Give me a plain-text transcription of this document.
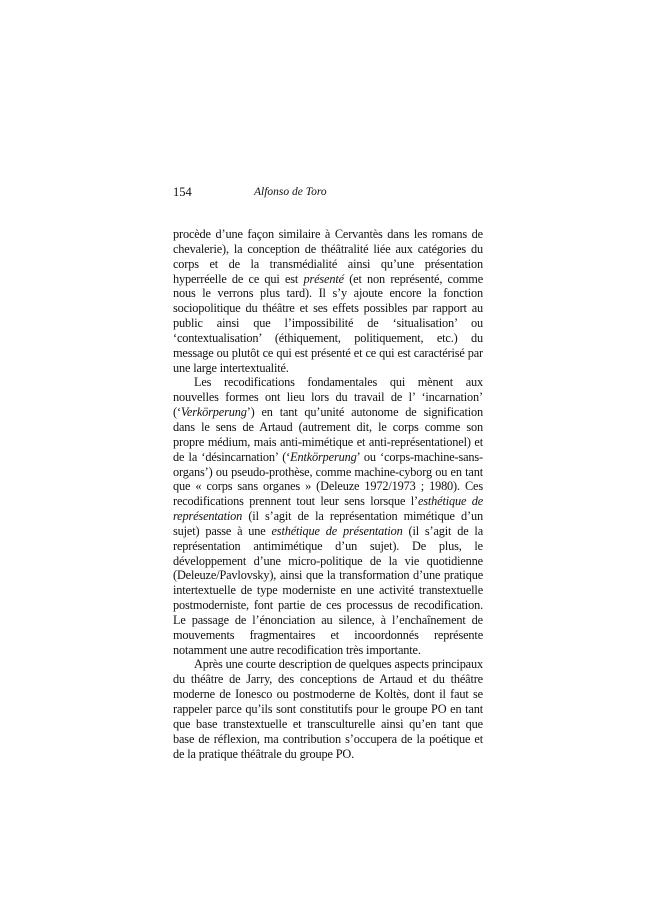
154	Alfonso de Toro

procède d’une façon similaire à Cervantès dans les romans de chevalerie), la conception de théâtralité liée aux catégories du corps et de la transmédialité ainsi qu’une présentation hyperréelle de ce qui est présenté (et non représenté, comme nous le verrons plus tard). Il s’y ajoute encore la fonction sociopolitique du théâtre et ses effets possibles par rapport au public ainsi que l’impossibilité de ‘situalisation’ ou ‘contextualisation’ (éthiquement, politiquement, etc.) du message ou plutôt ce qui est présenté et ce qui est caractérisé par une large intertextualité.

Les recodifications fondamentales qui mènent aux nouvelles formes ont lieu lors du travail de l’ ‘incarnation’ (‘Verkörperung’) en tant qu’unité autonome de signification dans le sens de Artaud (autrement dit, le corps comme son propre médium, mais anti-mimétique et anti-représentationel) et de la ‘désincarnation’ (‘Entkörperung’ ou ‘corps-machine-sans-organs’) ou pseudo-prothèse, comme machine-cyborg ou en tant que « corps sans organes » (Deleuze 1972/1973 ; 1980). Ces recodifications prennent tout leur sens lorsque l’esthétique de représentation (il s’agit de la représentation mimétique d’un sujet) passe à une esthétique de présentation (il s’agit de la représentation antimimétique d’un sujet). De plus, le développement d’une micro-politique de la vie quotidienne (Deleuze/Pavlovsky), ainsi que la transformation d’une pratique intertextuelle de type moderniste en une activité transtextuelle postmoderniste, font partie de ces processus de recodification. Le passage de l’énonciation au silence, à l’enchaînement de mouvements fragmentaires et incoordonnés représente notamment une autre recodification très importante.

Après une courte description de quelques aspects principaux du théâtre de Jarry, des conceptions de Artaud et du théâtre moderne de Ionesco ou postmoderne de Koltès, dont il faut se rappeler parce qu’ils sont constitutifs pour le groupe PO en tant que base transtextuelle et transculturelle ainsi qu’en tant que base de réflexion, ma contribution s’occupera de la poétique et de la pratique théâtrale du groupe PO.
